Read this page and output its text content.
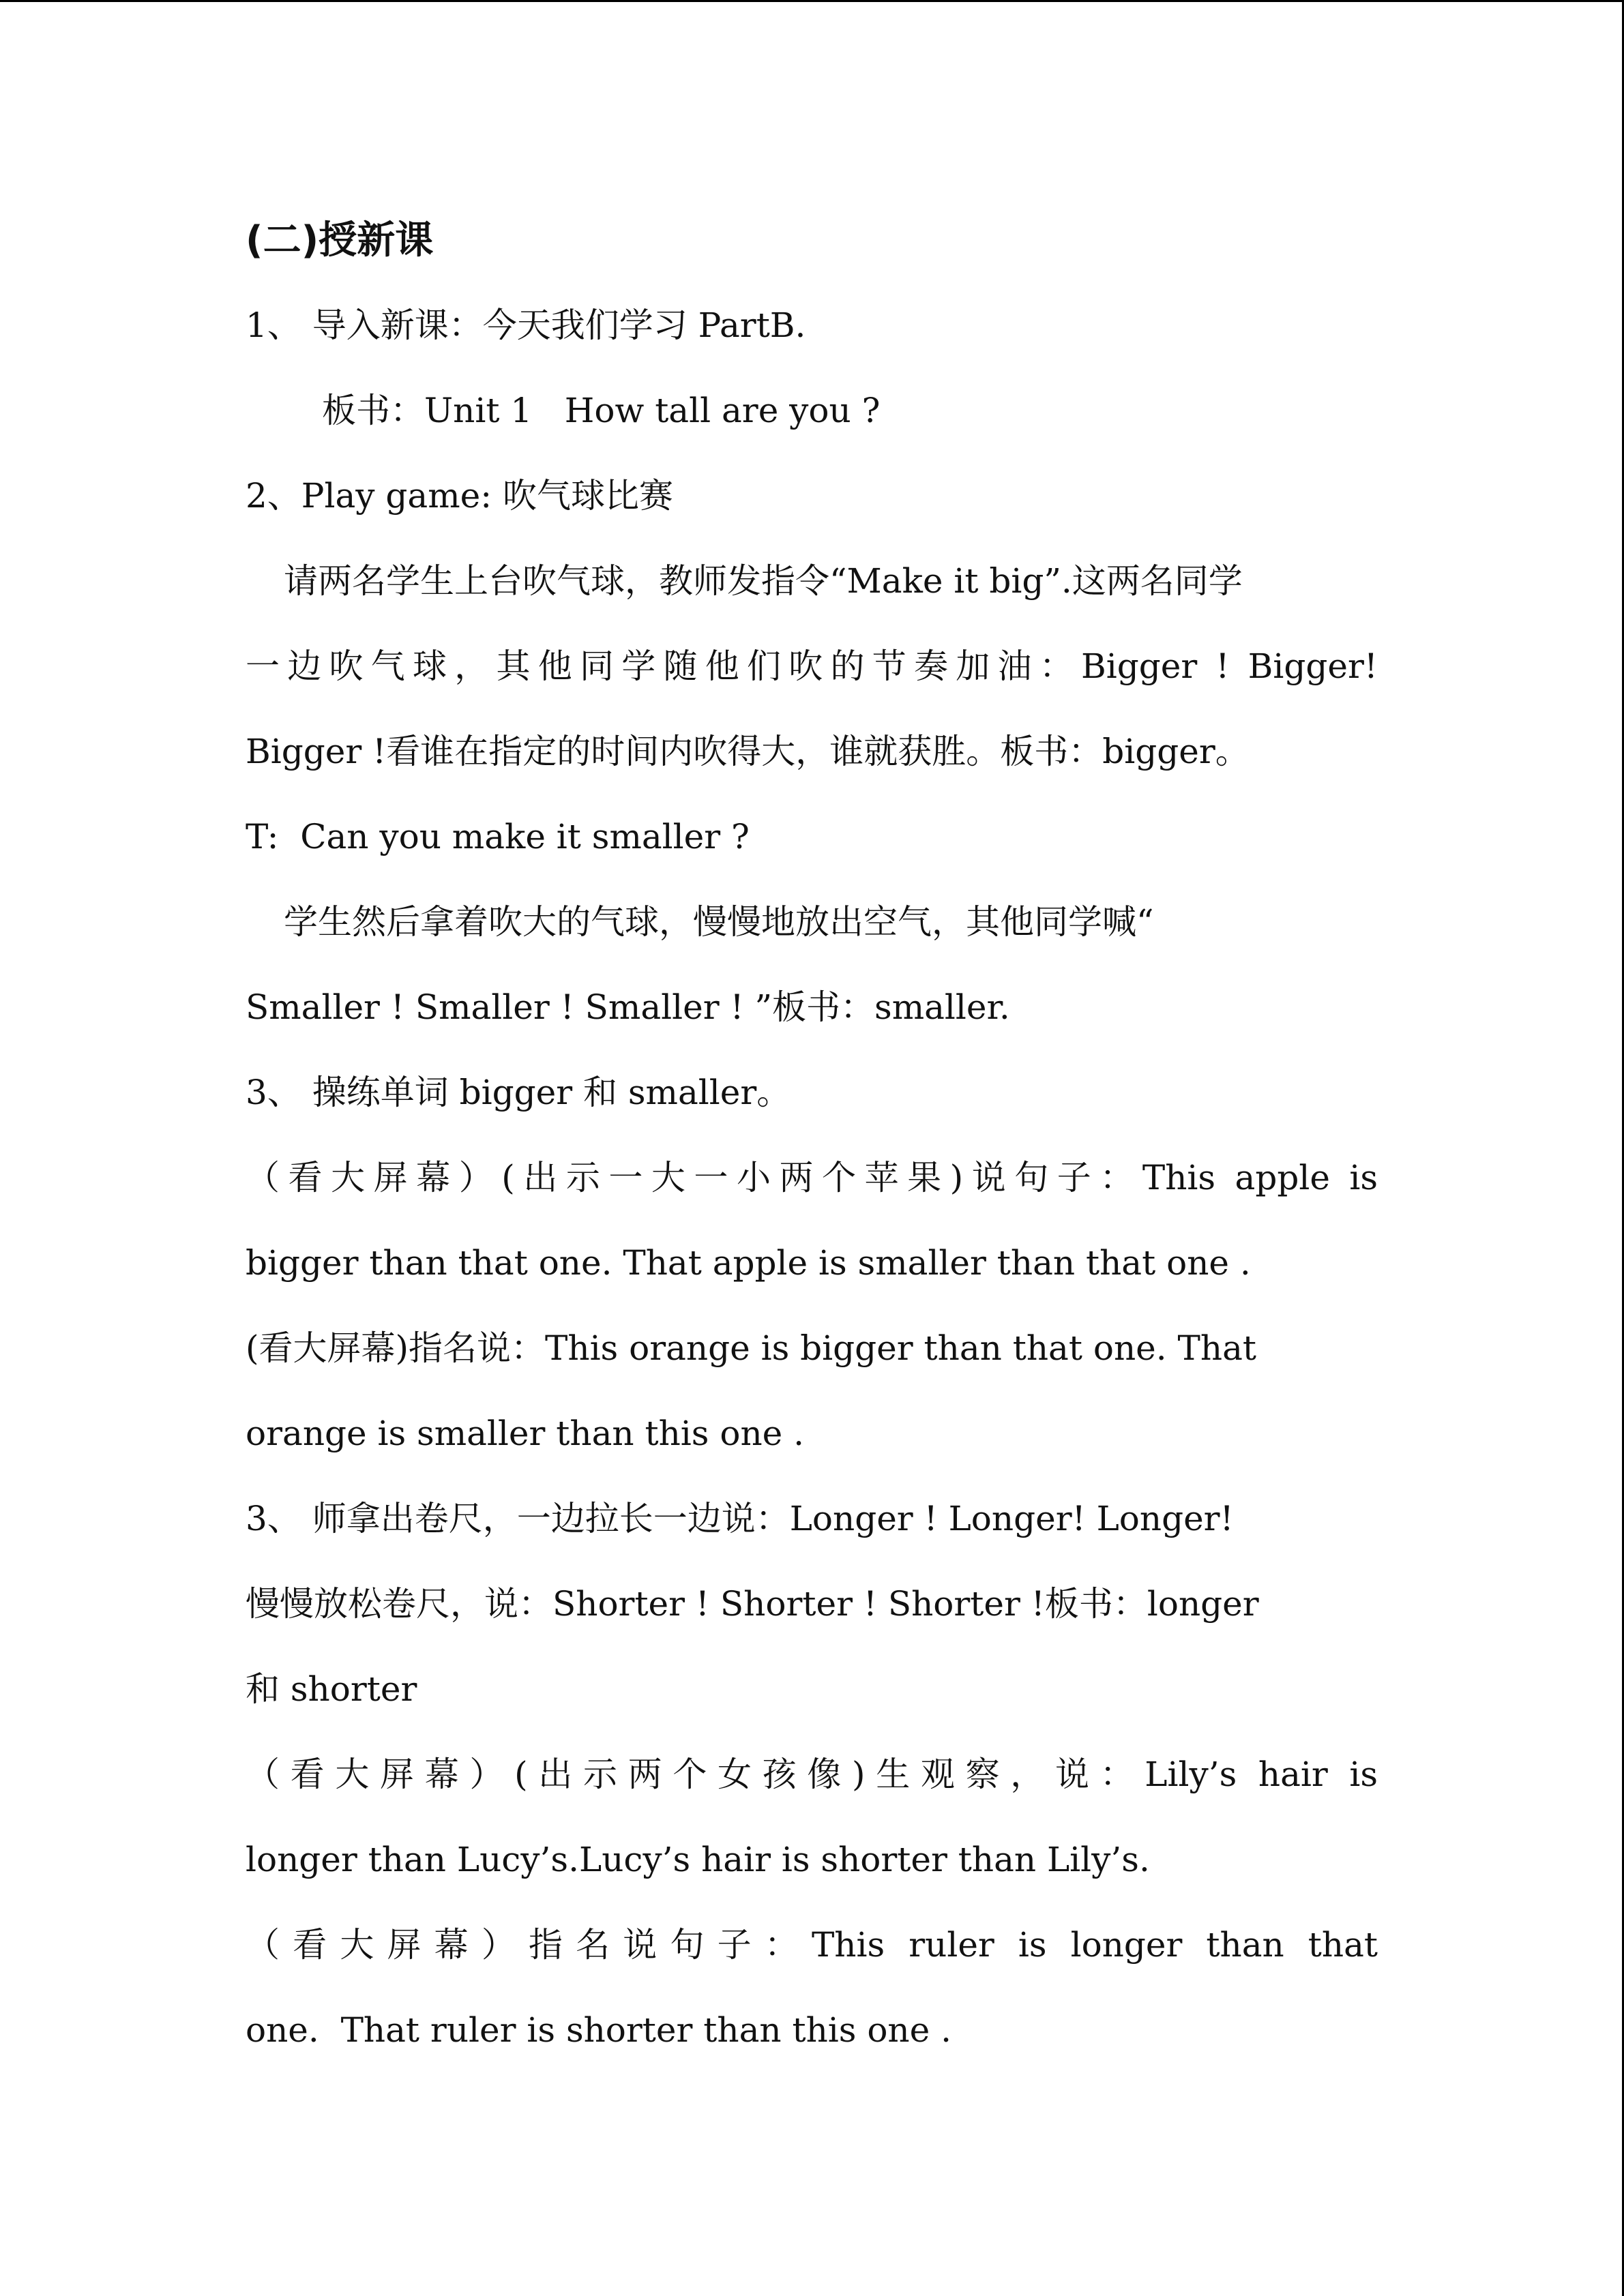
(二)授新课
1、 导入新课：今天我们学习 PartB.
板书：Unit 1   How tall are you ?
2、Play game: 吹气球比赛
请两名学生上台吹气球，教师发指令“Make it big”.这两名同学
一边吹气球，其他同学随他们吹的节奏加油：Bigger ! Bigger!
Bigger !看谁在指定的时间内吹得大，谁就获胜。板书：bigger。
T:  Can you make it smaller ?
学生然后拿着吹大的气球，慢慢地放出空气，其他同学喊“
Smaller ! Smaller ! Smaller ! ”板书：smaller.
3、 操练单词 bigger 和 smaller。
（看大屏幕）(出示一大一小两个苹果)说句子：This apple is
bigger than that one. That apple is smaller than that one .
(看大屏幕)指名说：This orange is bigger than that one. That
orange is smaller than this one .
3、 师拿出卷尺，一边拉长一边说：Longer ! Longer! Longer!
慢慢放松卷尺，说：Shorter ! Shorter ! Shorter !板书：longer
和 shorter
（看大屏幕）(出示两个女孩像)生观察，说：Lily’s hair is
longer than Lucy’s.Lucy’s hair is shorter than Lily’s.
（看大屏幕）指名说句子：This ruler is longer than that
one.  That ruler is shorter than this one .
